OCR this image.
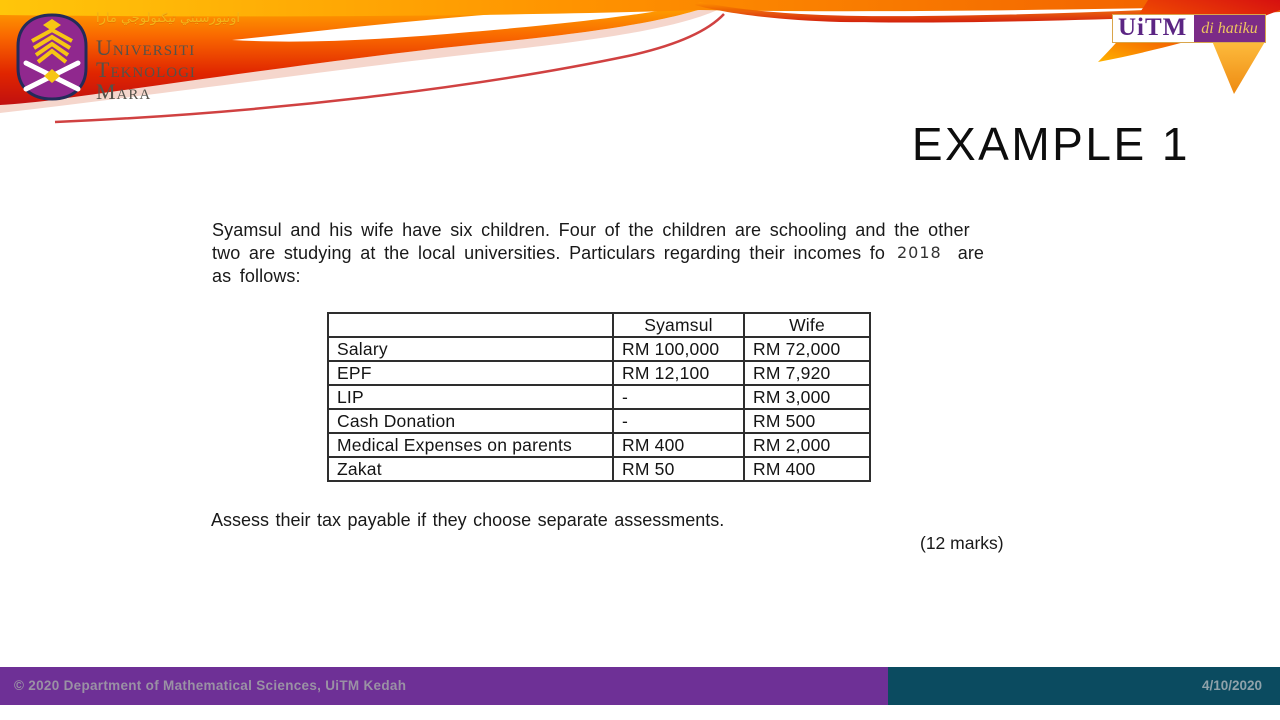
اونيورسيتي تيكنولوجي مارا
Universiti
Teknologi
Mara
UiTM di hatiku
EXAMPLE 1
Syamsul and his wife have six children. Four of the children are schooling and the other
two are studying at the local universities. Particulars regarding their incomes fo 2018 are
as follows:
	Syamsul	Wife
Salary	RM 100,000	RM 72,000
EPF	RM 12,100	RM 7,920
LIP	-	RM 3,000
Cash Donation	-	RM 500
Medical Expenses on parents	RM 400	RM 2,000
Zakat	RM 50	RM 400
Assess their tax payable if they choose separate assessments.
(12 marks)
© 2020 Department of Mathematical Sciences, UiTM Kedah	4/10/2020
